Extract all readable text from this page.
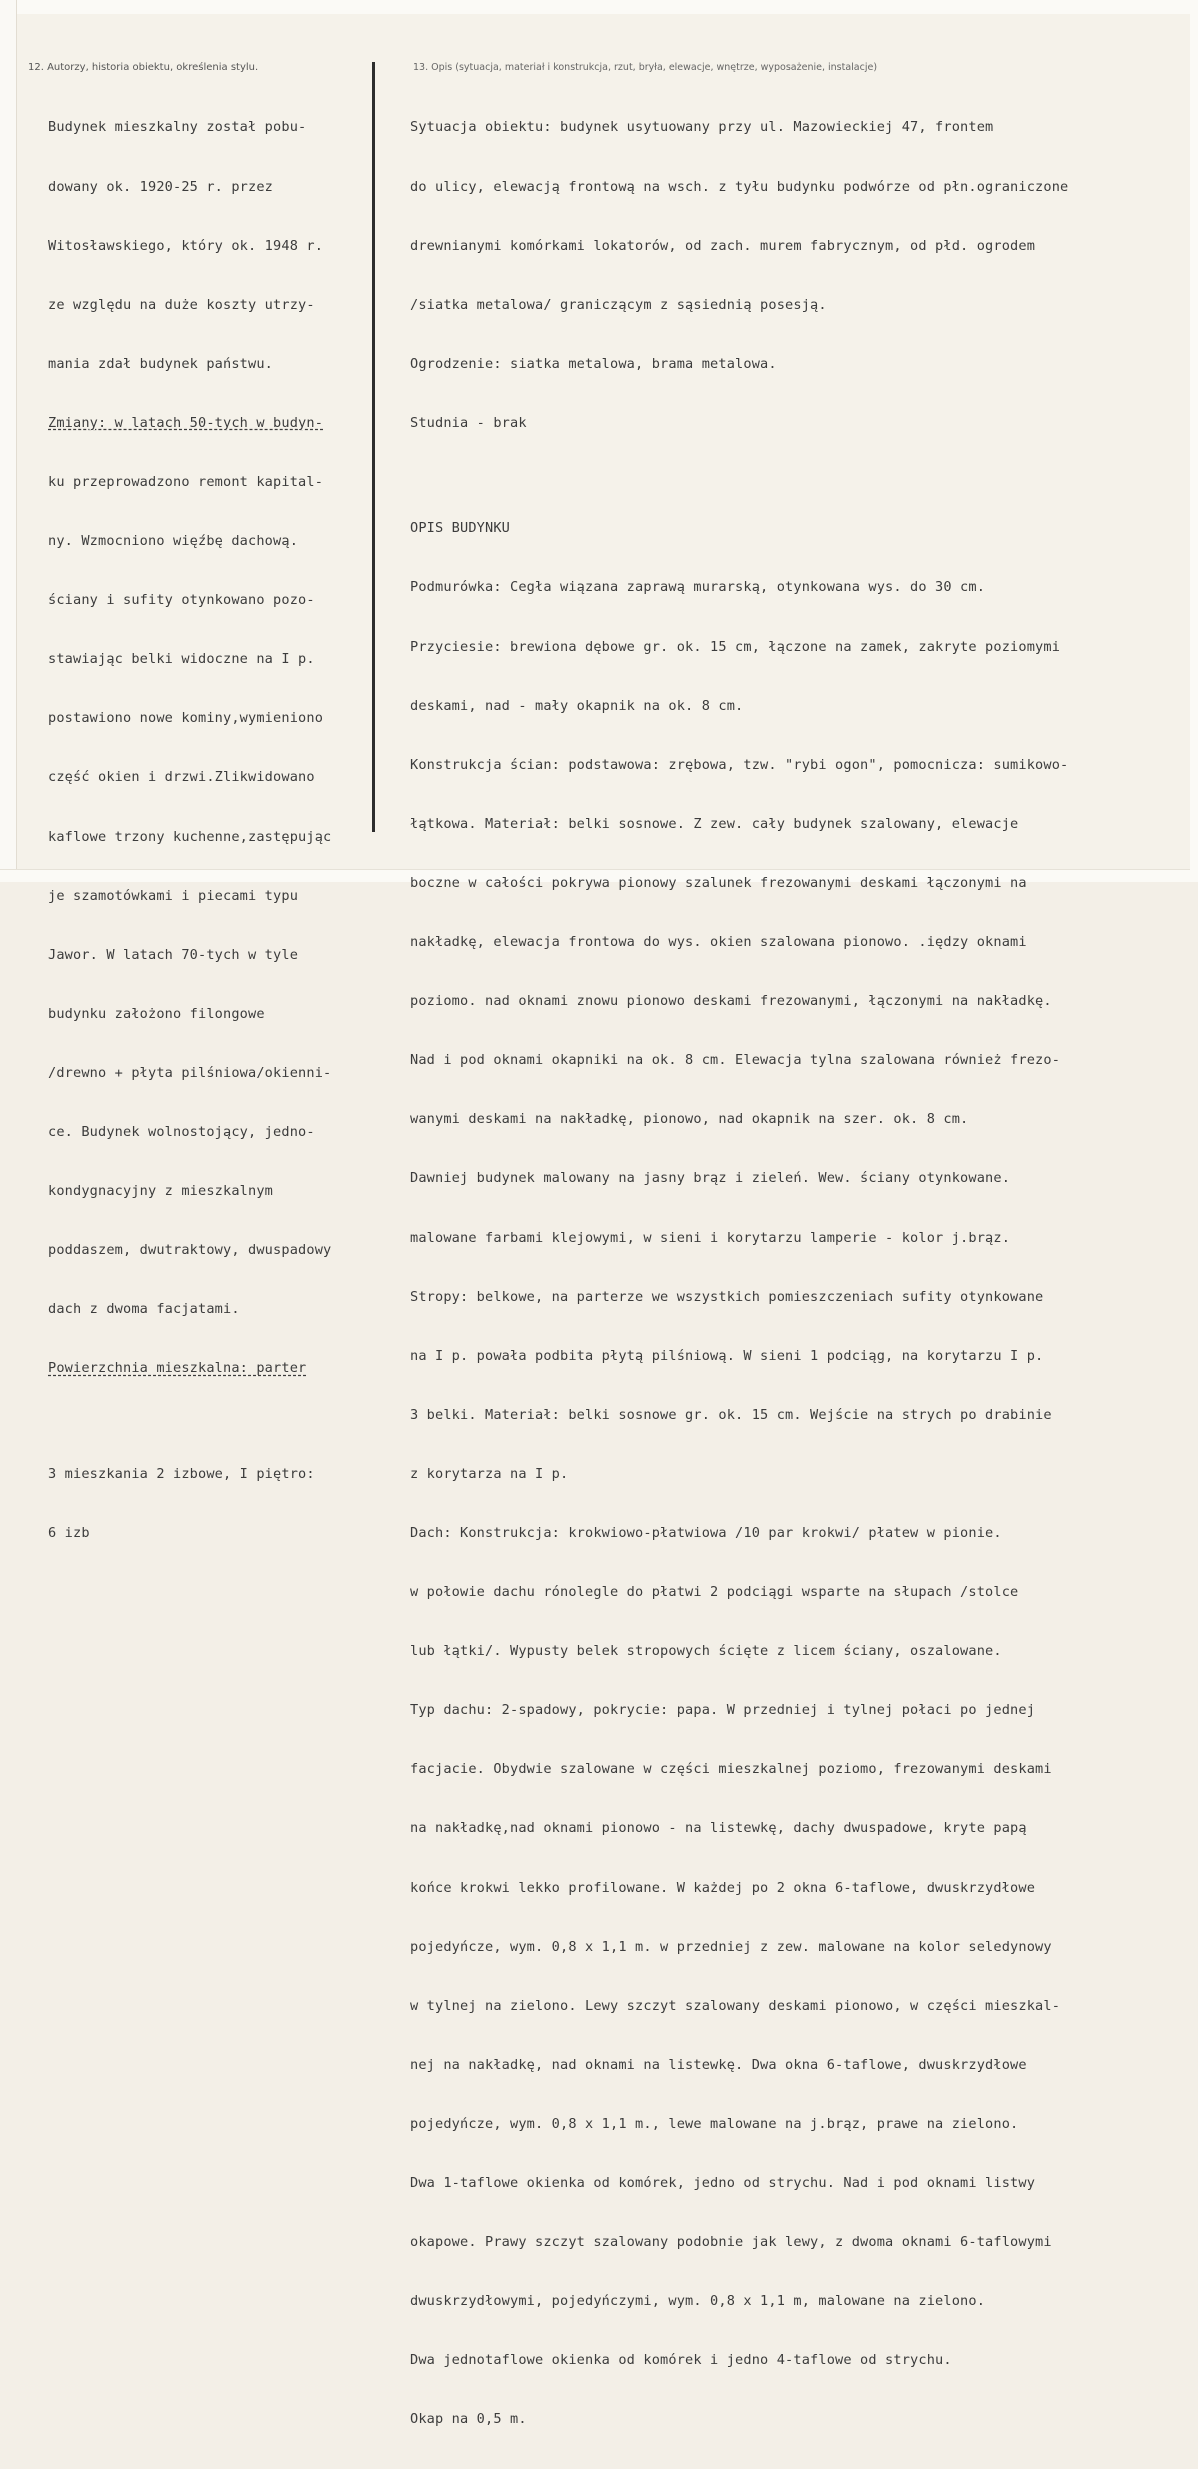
12. Autorzy, historia obiektu, określenia stylu.	13. Opis (sytuacja, materiał i konstrukcja, rzut, bryła, elewacje, wnętrze, wyposażenie, instalacje)

Budynek mieszkalny został pobu-

dowany ok. 1920-25 r. przez

Witosławskiego, który ok. 1948 r.

ze względu na duże koszty utrzy-

mania zdał budynek państwu.

Zmiany: w latach 50-tych w budyn-

ku przeprowadzono remont kapital-

ny. Wzmocniono więźbę dachową.

ściany i sufity otynkowano pozo-

stawiając belki widoczne na I p.

postawiono nowe kominy,wymieniono

część okien i drzwi.Zlikwidowano

kaflowe trzony kuchenne,zastępując

je szamotówkami i piecami typu

Jawor. W latach 70-tych w tyle

budynku założono filongowe

/drewno + płyta pilśniowa/okienni-

ce. Budynek wolnostojący, jedno-

kondygnacyjny z mieszkalnym

poddaszem, dwutraktowy, dwuspadowy

dach z dwoma facjatami.

Powierzchnia mieszkalna: parter

3 mieszkania 2 izbowe, I piętro:

6 izb

Sytuacja obiektu: budynek usytuowany przy ul. Mazowieckiej 47, frontem

do ulicy, elewacją frontową na wsch. z tyłu budynku podwórze od płn.ograniczone

drewnianymi komórkami lokatorów, od zach. murem fabrycznym, od płd. ogrodem

/siatka metalowa/ graniczącym z sąsiednią posesją.

Ogrodzenie: siatka metalowa, brama metalowa.

Studnia - brak

OPIS BUDYNKU

Podmurówka: Cegła wiązana zaprawą murarską, otynkowana wys. do 30 cm.

Przyciesie: brewiona dębowe gr. ok. 15 cm, łączone na zamek, zakryte poziomymi

deskami, nad - mały okapnik na ok. 8 cm.

Konstrukcja ścian: podstawowa: zrębowa, tzw. "rybi ogon", pomocnicza: sumikowo-

łątkowa. Materiał: belki sosnowe. Z zew. cały budynek szalowany, elewacje

boczne w całości pokrywa pionowy szalunek frezowanymi deskami łączonymi na

nakładkę, elewacja frontowa do wys. okien szalowana pionowo. .iędzy oknami

poziomo. nad oknami znowu pionowo deskami frezowanymi, łączonymi na nakładkę.

Nad i pod oknami okapniki na ok. 8 cm. Elewacja tylna szalowana również frezo-

wanymi deskami na nakładkę, pionowo, nad okapnik na szer. ok. 8 cm.

Dawniej budynek malowany na jasny brąz i zieleń. Wew. ściany otynkowane.

malowane farbami klejowymi, w sieni i korytarzu lamperie - kolor j.brąz.

Stropy: belkowe, na parterze we wszystkich pomieszczeniach sufity otynkowane

na I p. powała podbita płytą pilśniową. W sieni 1 podciąg, na korytarzu I p.

3 belki. Materiał: belki sosnowe gr. ok. 15 cm. Wejście na strych po drabinie

z korytarza na I p.

Dach: Konstrukcja: krokwiowo-płatwiowa /10 par krokwi/ płatew w pionie.

w połowie dachu rónolegle do płatwi 2 podciągi wsparte na słupach /stolce

lub łątki/. Wypusty belek stropowych ścięte z licem ściany, oszalowane.

Typ dachu: 2-spadowy, pokrycie: papa. W przedniej i tylnej połaci po jednej

facjacie. Obydwie szalowane w części mieszkalnej poziomo, frezowanymi deskami

na nakładkę,nad oknami pionowo - na listewkę, dachy dwuspadowe, kryte papą

końce krokwi lekko profilowane. W każdej po 2 okna 6-taflowe, dwuskrzydłowe

pojedyńcze, wym. 0,8 x 1,1 m. w przedniej z zew. malowane na kolor seledynowy

w tylnej na zielono. Lewy szczyt szalowany deskami pionowo, w części mieszkal-

nej na nakładkę, nad oknami na listewkę. Dwa okna 6-taflowe, dwuskrzydłowe

pojedyńcze, wym. 0,8 x 1,1 m., lewe malowane na j.brąz, prawe na zielono.

Dwa 1-taflowe okienka od komórek, jedno od strychu. Nad i pod oknami listwy

okapowe. Prawy szczyt szalowany podobnie jak lewy, z dwoma oknami 6-taflowymi

dwuskrzydłowymi, pojedyńczymi, wym. 0,8 x 1,1 m, malowane na zielono.

Dwa jednotaflowe okienka od komórek i jedno 4-taflowe od strychu.

Okap na 0,5 m.
